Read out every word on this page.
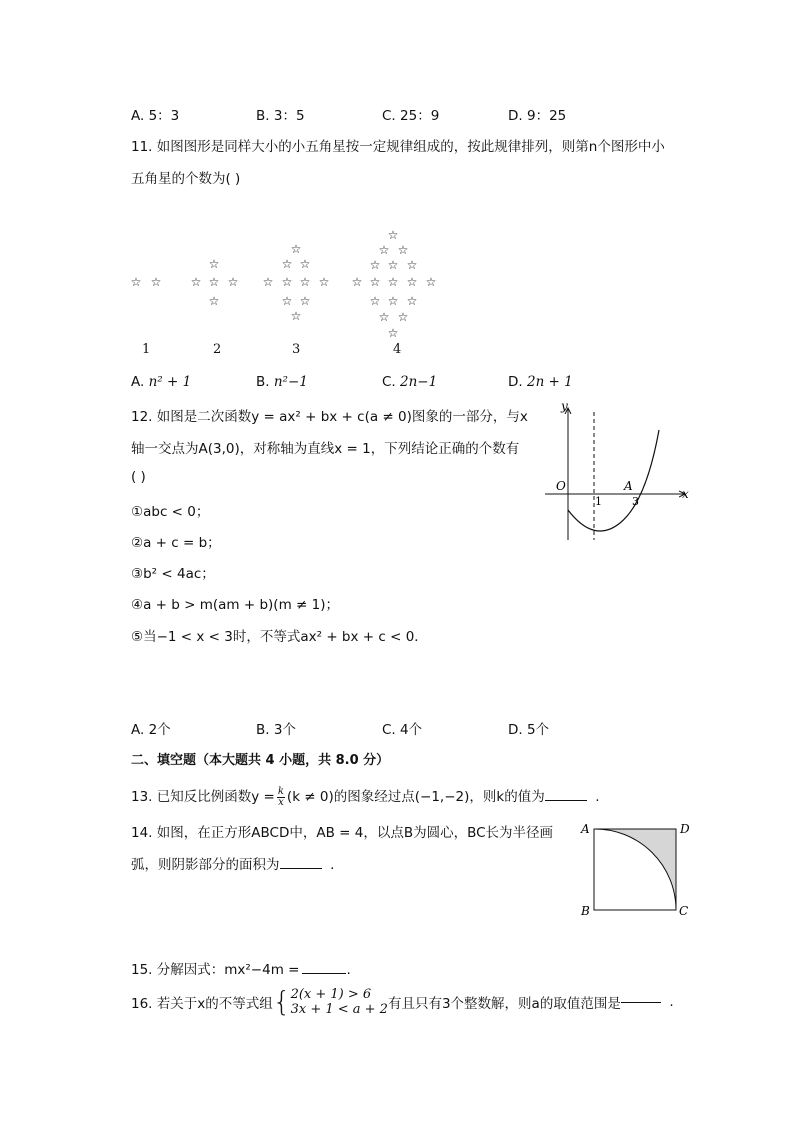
A. 5：3	B. 3：5	C. 25：9	D. 9：25
11. 如图图形是同样大小的小五角星按一定规律组成的，按此规律排列，则第n个图形中小
五角星的个数为( )
☆ ☆
☆
☆ ☆ ☆
☆
☆
☆ ☆
☆ ☆ ☆ ☆
☆ ☆
☆
☆
☆ ☆
☆ ☆ ☆
☆ ☆ ☆ ☆ ☆
☆ ☆ ☆
☆ ☆
☆
1	2	3	4
A. n² + 1	B. n²−1	C. 2n−1	D. 2n + 1
12. 如图是二次函数y = ax² + bx + c(a ≠ 0)图象的一部分，与x
轴一交点为A(3,0)，对称轴为直线x = 1，下列结论正确的个数有
( )
①abc < 0；
②a + c = b；
③b² < 4ac；
④a + b > m(am + b)(m ≠ 1)；
⑤当−1 < x < 3时，不等式ax² + bx + c < 0．
y
x
O
1	3
A
A. 2个	B. 3个	C. 4个	D. 5个
二、填空题（本大题共 4 小题，共 8.0 分）
13. 已知反比例函数$y = \frac{k}{x} (k \ne 0)$的图象经过点(−1,−2)，则k的值为	.
14. 如图，在正方形ABCD中，AB = 4，以点B为圆心，BC长为半径画
弧，则阴影部分的面积为	.
A	D
B	C
15. 分解因式：mx²−4m =	.
16. 若关于x的不等式组{ 2(x + 1) > 6
3x + 1 < a + 2 有且只有3个整数解，则a的取值范围是	.
